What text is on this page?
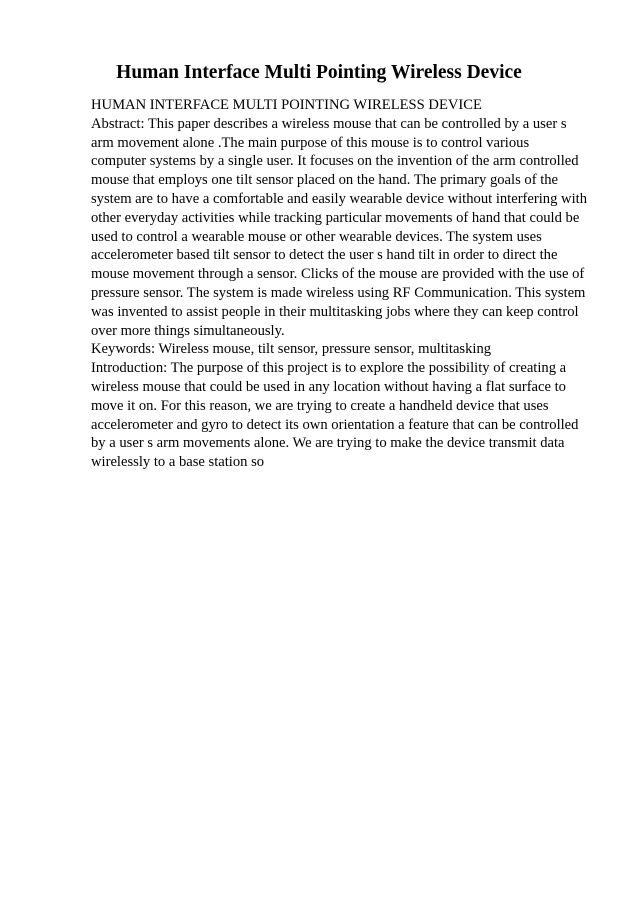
Human Interface Multi Pointing Wireless Device
HUMAN INTERFACE MULTI POINTING WIRELESS DEVICE
Abstract: This paper describes a wireless mouse that can be controlled by a user s
arm movement alone .The main purpose of this mouse is to control various
computer systems by a single user. It focuses on the invention of the arm controlled
mouse that employs one tilt sensor placed on the hand. The primary goals of the
system are to have a comfortable and easily wearable device without interfering with
other everyday activities while tracking particular movements of hand that could be
used to control a wearable mouse or other wearable devices. The system uses
accelerometer based tilt sensor to detect the user s hand tilt in order to direct the
mouse movement through a sensor. Clicks of the mouse are provided with the use of
pressure sensor. The system is made wireless using RF Communication. This system
was invented to assist people in their multitasking jobs where they can keep control
over more things simultaneously.
Keywords: Wireless mouse, tilt sensor, pressure sensor, multitasking
Introduction: The purpose of this project is to explore the possibility of creating a
wireless mouse that could be used in any location without having a flat surface to
move it on. For this reason, we are trying to create a handheld device that uses
accelerometer and gyro to detect its own orientation a feature that can be controlled
by a user s arm movements alone. We are trying to make the device transmit data
wirelessly to a base station so
